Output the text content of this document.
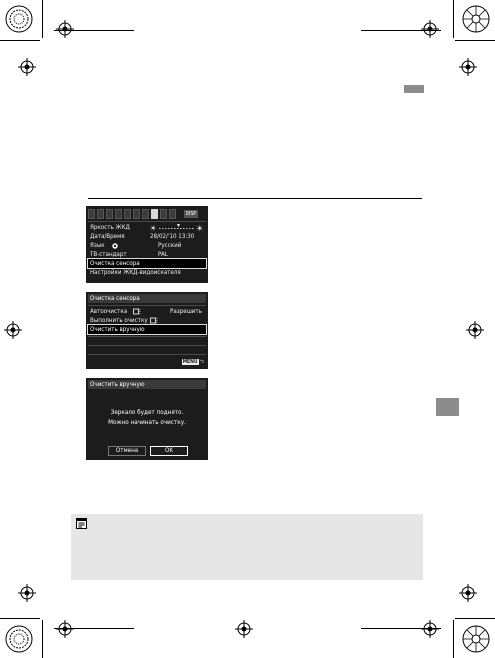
DISP
Яркость ЖКД	☀	☀
Дата/Время	28/02/'10 13:30
Язык	Русский
ТВ-стандарт	PAL
Очистка сенсора
Настройки ЖКД-видоискателя
Очистка сенсора
Автоочистка	Разрешить
Выполнить очистку
Очистить вручную
MENU ⮌
Очистить вручную
Зеркало будет поднято.
Можно начинать очистку.
Отмена	OK
